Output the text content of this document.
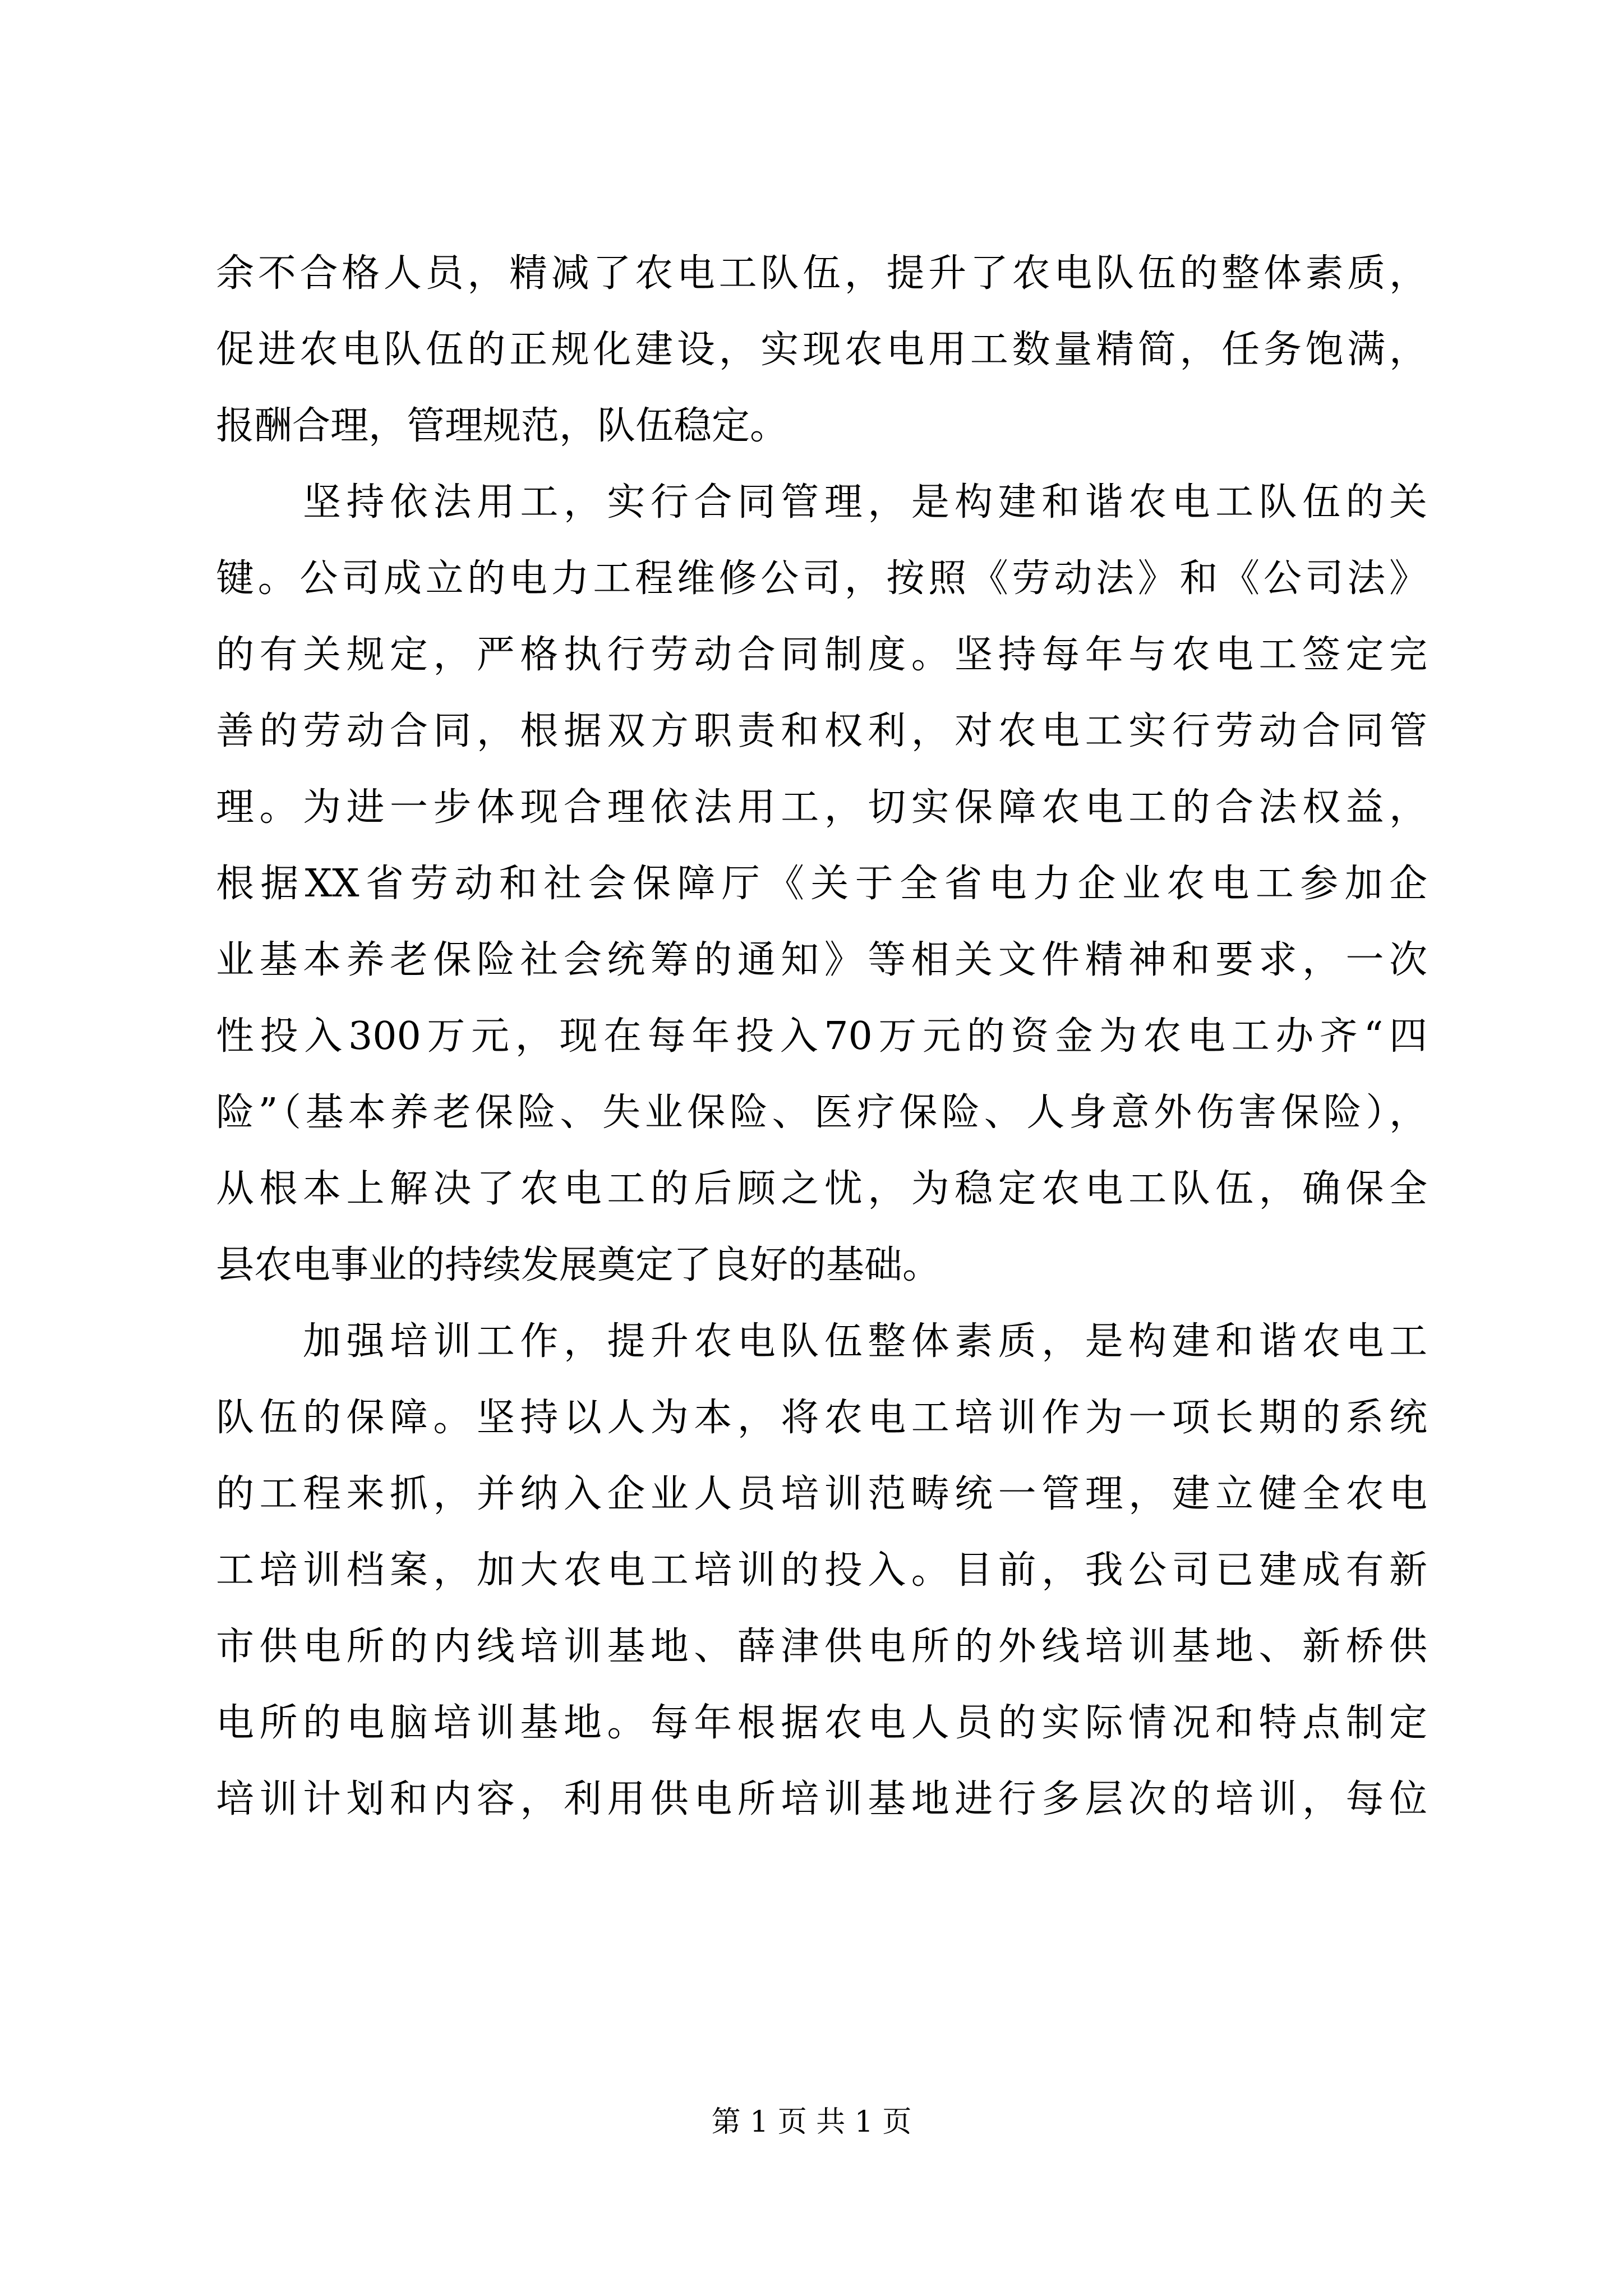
余不合格人员，精减了农电工队伍，提升了农电队伍的整体素质，
促进农电队伍的正规化建设，实现农电用工数量精简，任务饱满，
报酬合理，管理规范，队伍稳定。
坚持依法用工，实行合同管理，是构建和谐农电工队伍的关
键。公司成立的电力工程维修公司，按照《劳动法》和《公司法》
的有关规定，严格执行劳动合同制度。坚持每年与农电工签定完
善的劳动合同，根据双方职责和权利，对农电工实行劳动合同管
理。为进一步体现合理依法用工，切实保障农电工的合法权益，
根据XX省劳动和社会保障厅《关于全省电力企业农电工参加企
业基本养老保险社会统筹的通知》等相关文件精神和要求，一次
性投入300万元，现在每年投入70万元的资金为农电工办齐“四
险”（基本养老保险、失业保险、医疗保险、人身意外伤害保险），
从根本上解决了农电工的后顾之忧，为稳定农电工队伍，确保全
县农电事业的持续发展奠定了良好的基础。
加强培训工作，提升农电队伍整体素质，是构建和谐农电工
队伍的保障。坚持以人为本，将农电工培训作为一项长期的系统
的工程来抓，并纳入企业人员培训范畴统一管理，建立健全农电
工培训档案，加大农电工培训的投入。目前，我公司已建成有新
市供电所的内线培训基地、薛津供电所的外线培训基地、新桥供
电所的电脑培训基地。每年根据农电人员的实际情况和特点制定
培训计划和内容，利用供电所培训基地进行多层次的培训，每位
第 1 页 共 1 页
